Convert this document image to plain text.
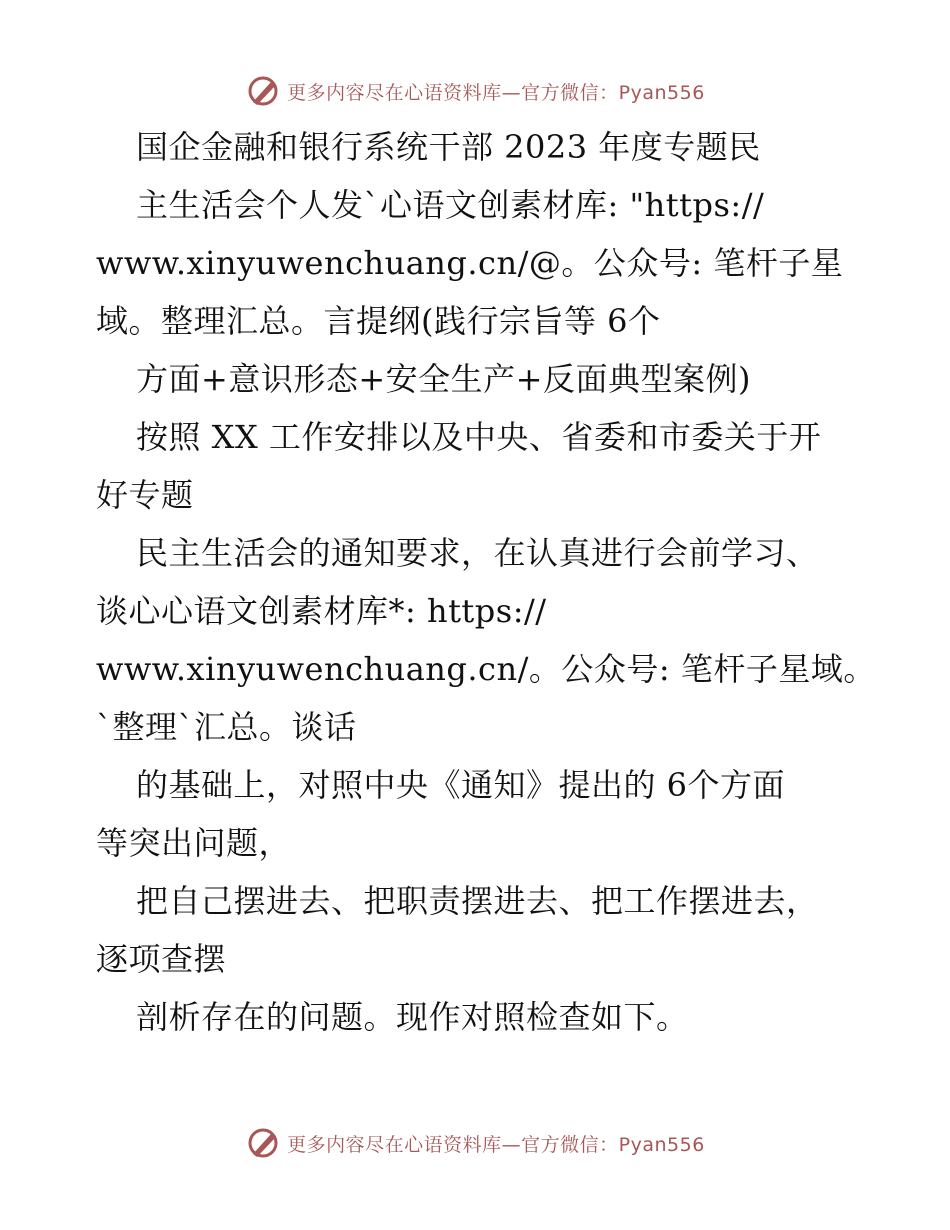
更多内容尽在心语资料库—官方微信：Pyan556
国企金融和银行系统干部 2023 年度专题民
主生活会个人发`心语文创素材库: "https://
www.xinyuwenchuang.cn/@。公众号: 笔杆子星
域。整理汇总。言提纲(践行宗旨等 6个
方面+意识形态+安全生产+反面典型案例)
按照 XX 工作安排以及中央、省委和市委关于开
好专题
民主生活会的通知要求，在认真进行会前学习、
谈心心语文创素材库*: https://
www.xinyuwenchuang.cn/。公众号: 笔杆子星域。
`整理`汇总。谈话
的基础上，对照中央《通知》提出的 6个方面
等突出问题，
把自己摆进去、把职责摆进去、把工作摆进去，
逐项查摆
剖析存在的问题。现作对照检查如下。
更多内容尽在心语资料库—官方微信：Pyan556
